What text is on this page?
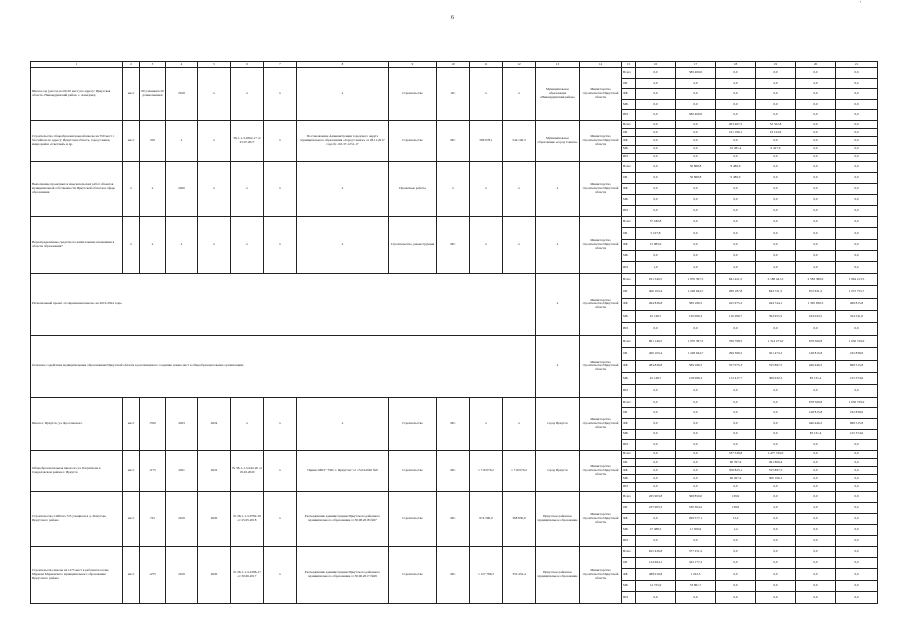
6
'
1	2	3	4	5	6	7	8	9	10	11	12	13	14	15	16	17	18	19	20	21
Школа-сад (детсад на 60-20 мест) по адресу: Иркутская область, Нижнеудинский район, с. Алыгджер	мест	60 учащимся 20 дошкольников	2019	х	х	х	х	Строительство	ОС	х	х	Муниципальное образование «Нижнеудинский район»	Министерство строительства Иркутской области	Всего	0,0	580 400,0	0,0	0,0	0,0	0,0
														ОБ	0,0	0,0	0,0	0,0	0,0	0,0
														ФБ	0,0	0,0	0,0	0,0	0,0	0,0
														МБ	0,0	0,0	0,0	0,0	0,0	0,0
														ИИ	0,0	580 400,0	0,0	0,0	0,0	0,0
Строительство общеобразовательной школы на 550 мест с бассейном по адресу: Иркутская область, город Саянск, микрорайон «Светлый» и др.	мест	550	х	х	38-1-1-3-0262-17 от 25.07.2017	х	Постановление Администрации городского округа муниципального образования «Город Саянск» от 28.11.2017 года № 110-37-1231-17	Строительство	МС	589 078,1	544 140,3	Муниципальное образование «город Саянск»	Министерство строительства Иркутской области	Всего	0,0	0,0	203 467,5	32 552,8	0,0	0,0
														ОБ	0,0	0,0	161 186,1	23 124,9	0,0	0,0
														ФБ	0,0	0,0	0,0	0,0	0,0	0,0
														МБ	0,0	0,0	32 281,4	9 427,9	0,0	0,0
														ИИ	0,0	0,0	0,0	0,0	0,0	0,0
Выполнение проектных и изыскательских работ объектов муниципальной собственности Иркутской области в сфере образования	х	х	2020	х	х	х	х	Проектные работы	х	х	х	х	Министерство строительства Иркутской области	Всего	0,0	36 868,8	9 480,0	0,0	0,0	0,0
														ОБ	0,0	36 868,8	9 480,0	0,0	0,0	0,0
														ФБ	0,0	0,0	0,0	0,0	0,0	0,0
														МБ	0,0	0,0	0,0	0,0	0,0	0,0
														ИИ	0,0	0,0	0,0	0,0	0,0	0,0
Нераспределенные средства по капитальным вложениям в области образования*	х	х	х	х	х	х	х	Строительство, реконструкция	МС	х	х	х	Министерство строительства Иркутской области	Всего	37 180,8	0,0	0,0	0,0	0,0	0,0
														ОБ	5 197,8	0,0	0,0	0,0	0,0	0,0
														ФБ	31 983,0	0,0	0,0	0,0	0,0	0,0
														МБ	0,0	0,0	0,0	0,0	0,0	0,0
														ИИ	1,0	0,0	0,0	0,0	0,0	0,0
Региональный проект «Современная школа» на 2019-2024 годы												х	Министерство строительства Иркутской области	Всего	931 349,5	1 970 397,5	841 421,5	2 188 441,3	2 583 386,0	1 994 213,5
														ОБ	406 163,4	1 248 944,7	289 187,8	844 721,5	972 631,2	1 072 755,7
														ФБ	494 836,8	589 186,5	425 975,2	944 744,1	1 395 836,5	498 815,8
														МБ	45 148,7	130 066,3	116 289,7	394 955,5	184 043,5	324 541,0
														ИИ	0,0	0,0	0,0	0,0	0,0	0,0
Основное содействие муниципальным образованиям Иркутской области в реализации по созданию новых мест в общеобразовательных организациях												х	Министерство строительства Иркутской области	Всего	891 149,5	1 970 397,5	766 798,5	1 314 273,0	678 560,8	1 056 729,0
														ОБ	406 163,4	1 248 944,7	296 396,5	561 473,2	148 815,8	232 838,6
														ФБ	484 836,8	589 186,5	357 075,3	555 897,5	446 446,2	698 515,8
														МБ	45 148,7	128 066,3	113 417,7	306 932,3	83 131,4	125 374,6
														ИИ	0,0	0,0	0,0	0,0	0,0	0,0
Школа г. Иркутск, ул. Ярославского	мест	1550	2023	2024	х	х	х	Строительство	МС	х	х	город Иркутск	Министерство строительства Иркутской области	Всего	0,0	0,0	0,0	0,0	678 560,8	1 056 729,0
														ОБ	0,0	0,0	0,0	0,0	148 815,8	232 838,6
														ФБ	0,0	0,0	0,0	0,0	446 446,2	698 515,8
														МБ	0,0	0,0	0,0	0,0	83 131,4	125 374,6
														ИИ	0,0	0,0	0,0	0,0	0,0	0,0
Общеобразовательная школа на ул. Багратиона в Свердловском районе г. Иркутск	мест	1175	2021	2022	№ 38-1-1-3-042-20 от 19.02.2020	х	Приказ МКУ "УКС г. Иркутска" от 15.04.2020 №9	Строительство	МС	1 719 070,2	1 719 070,2	город Иркутск	Министерство строительства Иркутской области	Всего	0,0	0,0	537 539,8	1 477 729,0	0,0	0,0
														ОБ	0,0	0,0	90 767,4	491 806,4	0,0	0,0
														ФБ	0,0	0,0	356 825,1	555 897,5	0,0	0,0
														МБ	0,0	0,0	90 267,4	300 106,1	0,0	0,0
														ИИ	0,0	0,0	0,0	0,0	0,0	0,0
Строительство СОШ на 725 учащихся в д. Хомутово Иркутского района	мест	725	2019	2020	№ 38-1-1-3-0782-18 от 25.05.2018	х	Распоряжение администрации Иркутского районного муниципального образования от 30.08.2018 №97	Строительство	МС	674 390,0	368 850,0	Иркутское районное муниципальное образование	Министерство строительства Иркутской области	Всего	265 903,8	368 850,0	139,9	0,0	0,0	0,0
														ОБ	237 903,3	330 304,2	138,6	0,0	0,0	0,0
														ФБ	0,0	269 577,1	13,2	0,0	0,0	0,0
														МБ	27 488,5	11 506,6	1,4	0,0	0,0	0,0
														ИИ	0,0	0,0	0,0	0,0	0,0	0,0
Строительство школы на 1275 мест в рабочем поселке Маркова Марковского муниципального образования Иркутского района	мест	1275	2019	2020	№ 38-1-1-3-0186-17 от 30.06.2017	х	Распоряжение администрации Иркутского районного муниципального образования от 30.06.2017 №69	Строительство	МС	1 127 786,3	332 432,4	Иркутское районное муниципальное образование	Министерство строительства Иркутской области	Всего	625 436,8	377 251,2	0,0	0,0	0,0	0,0
														ОБ	124 664,1	342 177,2	0,0	0,0	0,0	0,0
														ФБ	488 016,8	1 222,3	0,0	0,0	0,0	0,0
														МБ	12 725,9	33 861,7	0,0	0,0	0,0	0,0
														ИИ	0,0	0,0	0,0	0,0	0,0	0,0
